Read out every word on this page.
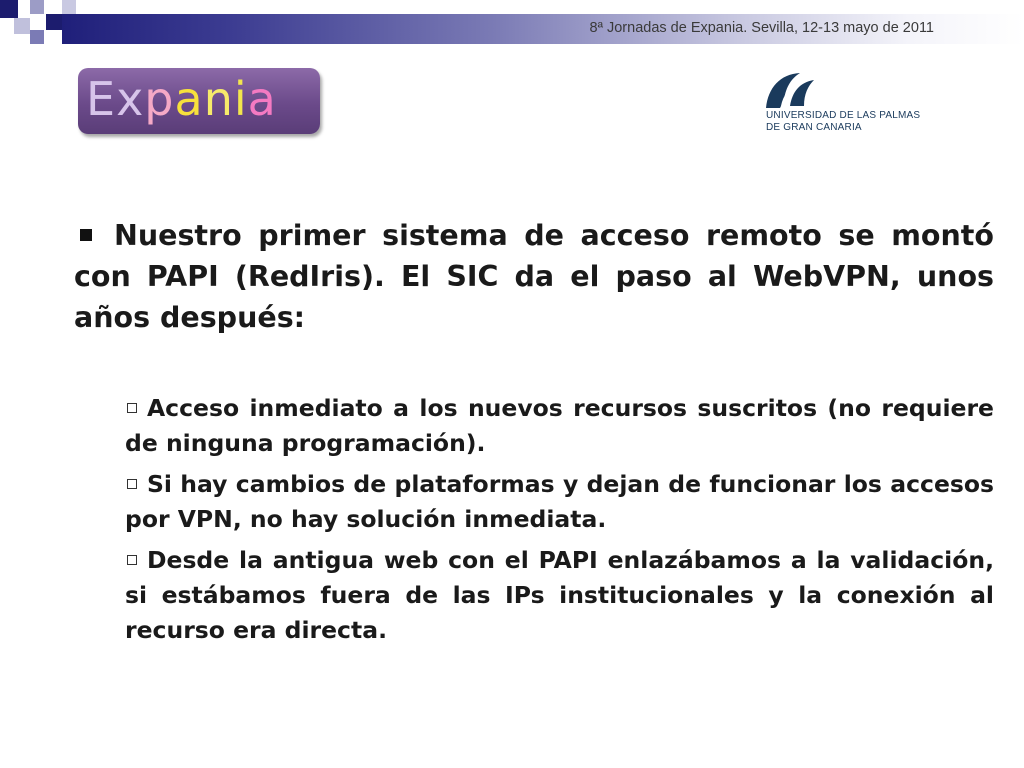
8ª Jornadas de Expania. Sevilla, 12-13 mayo de 2011
Expania	UNIVERSIDAD DE LAS PALMAS
DE GRAN CANARIA
Nuestro primer sistema de acceso remoto se montó con PAPI (RedIris). El SIC da el paso al WebVPN, unos años después:
Acceso inmediato a los nuevos recursos suscritos (no requiere de ninguna programación).
Si hay cambios de plataformas y dejan de funcionar los accesos por VPN, no hay solución inmediata.
Desde la antigua web con el PAPI enlazábamos a la validación, si estábamos fuera de las IPs institucionales y la conexión al recurso era directa.
